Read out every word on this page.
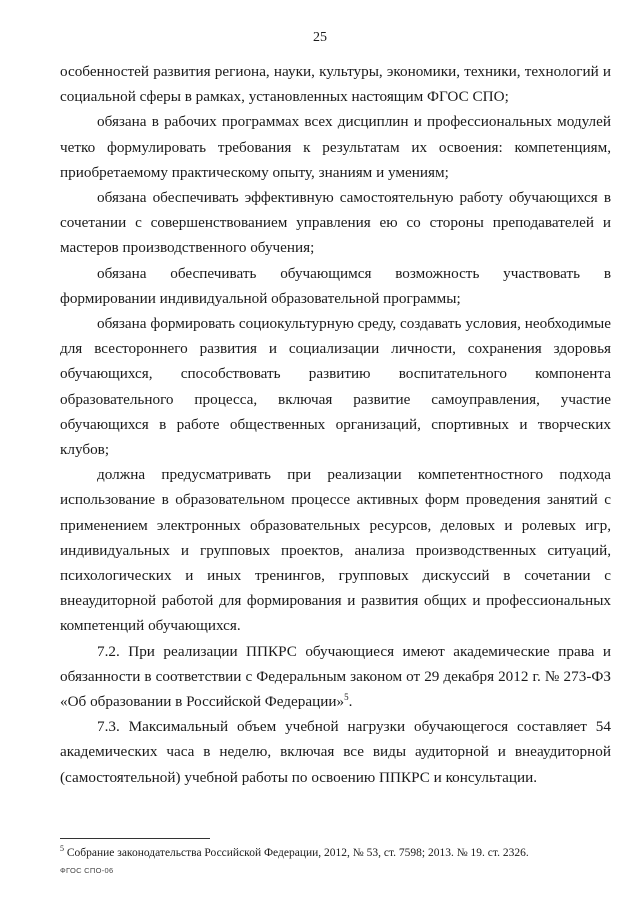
25

особенностей развития региона, науки, культуры, экономики, техники, технологий и социальной сферы в рамках, установленных настоящим ФГОС СПО;

обязана в рабочих программах всех дисциплин и профессиональных модулей четко формулировать требования к результатам их освоения: компетенциям, приобретаемому практическому опыту, знаниям и умениям;

обязана обеспечивать эффективную самостоятельную работу обучающихся в сочетании с совершенствованием управления ею со стороны преподавателей и мастеров производственного обучения;

обязана обеспечивать обучающимся возможность участвовать в

формировании индивидуальной образовательной программы;

обязана формировать социокультурную среду, создавать условия, необходимые для всестороннего развития и социализации личности, сохранения здоровья обучающихся, способствовать развитию воспитательного компонента образовательного процесса, включая развитие самоуправления, участие обучающихся в работе общественных организаций, спортивных и творческих клубов;

должна предусматривать при реализации компетентностного подхода использование в образовательном процессе активных форм проведения занятий с применением электронных образовательных ресурсов, деловых и ролевых игр, индивидуальных и групповых проектов, анализа производственных ситуаций, психологических и иных тренингов, групповых дискуссий в сочетании с внеаудиторной работой для формирования и развития общих и профессиональных компетенций обучающихся.

7.2. При реализации ППКРС обучающиеся имеют академические права и обязанности в соответствии с Федеральным законом от 29 декабря 2012 г. № 273-ФЗ «Об образовании в Российской Федерации»$^5$.

7.3. Максимальный объем учебной нагрузки обучающегося составляет 54 академических часа в неделю, включая все виды аудиторной и внеаудиторной (самостоятельной) учебной работы по освоению ППКРС и консультации.

$^5$ Собрание законодательства Российской Федерации, 2012, № 53, ст. 7598; 2013. № 19. ст. 2326.
ФГОС СПО-06
